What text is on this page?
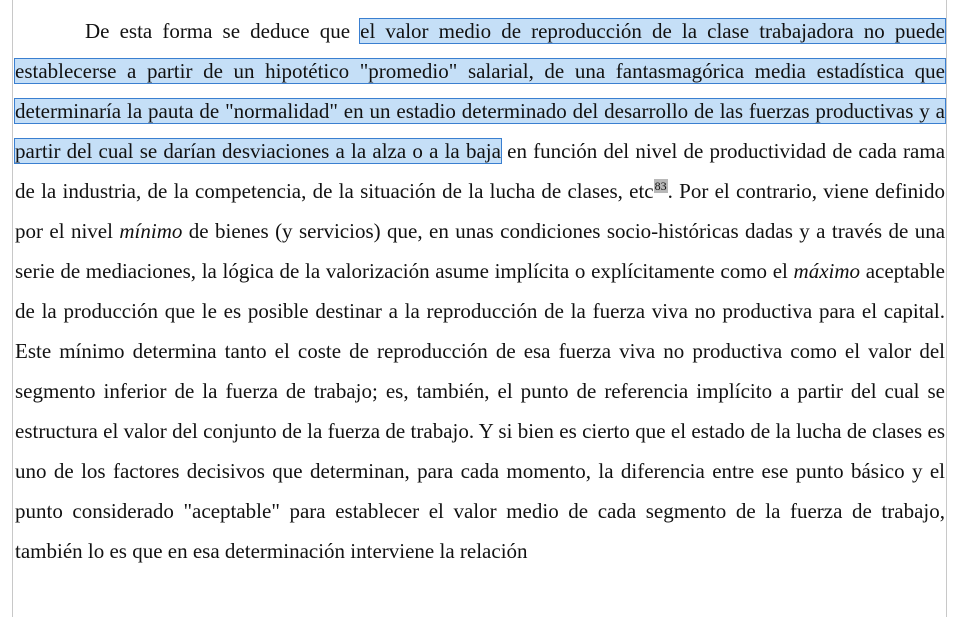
De esta forma se deduce que el valor medio de reproducción de la clase trabajadora no puede establecerse a partir de un hipotético "promedio" salarial, de una fantasmagórica media estadística que determinaría la pauta de "normalidad" en un estadio determinado del desarrollo de las fuerzas productivas y a partir del cual se darían desviaciones a la alza o a la baja en función del nivel de productividad de cada rama de la industria, de la competencia, de la situación de la lucha de clases, etc$^{83}$. Por el contrario, viene definido por el nivel mínimo de bienes (y servicios) que, en unas condiciones socio-históricas dadas y a través de una serie de mediaciones, la lógica de la valorización asume implícita o explícitamente como el máximo aceptable de la producción que le es posible destinar a la reproducción de la fuerza viva no productiva para el capital. Este mínimo determina tanto el coste de reproducción de esa fuerza viva no productiva como el valor del segmento inferior de la fuerza de trabajo; es, también, el punto de referencia implícito a partir del cual se estructura el valor del conjunto de la fuerza de trabajo. Y si bien es cierto que el estado de la lucha de clases es uno de los factores decisivos que determinan, para cada momento, la diferencia entre ese punto básico y el punto considerado "aceptable" para establecer el valor medio de cada segmento de la fuerza de trabajo, también lo es que en esa determinación interviene la relación
